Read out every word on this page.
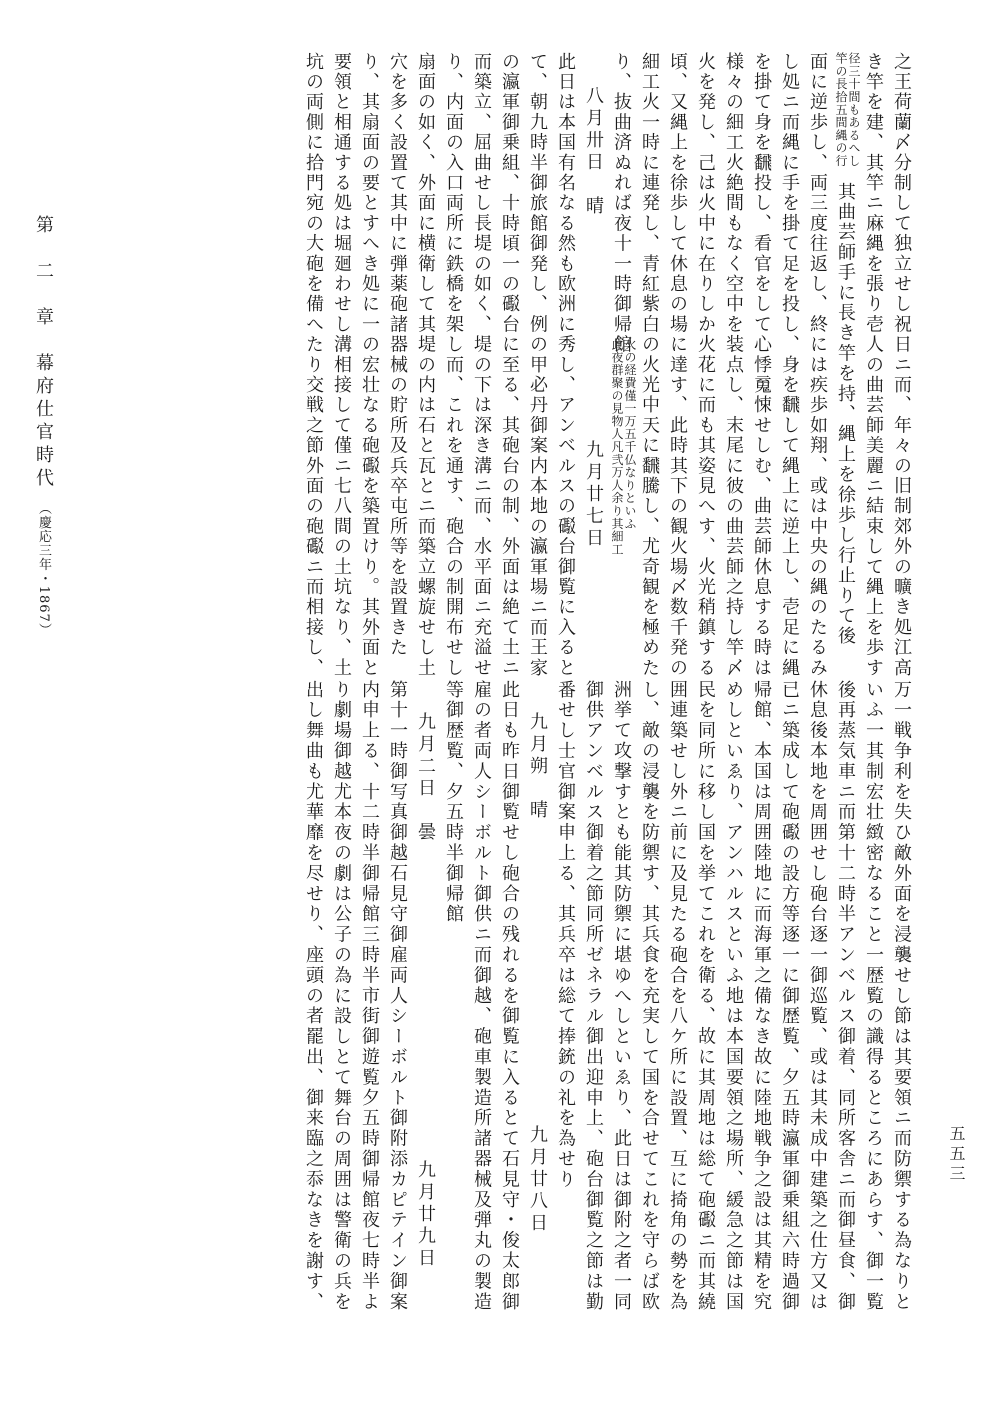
之王荷蘭〆分制して独立せし祝日ニ而、年々の旧制郊外の曠き処江高
き竿を建、其竿ニ麻縄を張り壱人の曲芸師美麗ニ結束して縄上を歩す
竿の長拾五間縄の行 径三十間もあるへし
其曲芸師手に長き竿を持、縄上を徐歩し行止りて後
面に逆歩し、両三度往返し、終には疾歩如翔、或は中央の縄のたるみ
し処ニ而縄に手を掛て足を投し、身を飜して縄上に逆上し、壱足に縄
を掛て身を飜投し、看官をして心悸䰟悚せしむ、曲芸師休息する時は
様々の細工火絶間もなく空中を装点し、末尾に彼の曲芸師之持し竿〆
火を発し、己は火中に在りしか火花に而も其姿見へす、火光稍鎮する
頃、又縄上を徐歩して休息の場に達す、此時其下の観火場〆数千発の
細工火一時に連発し、青紅紫白の火光中天に飜騰し、尤奇観を極めた
り、抜曲済ぬれば夜十一時御帰館
此夜群聚の見物人凡弐万人余り其細工 火の経費僅一万五千仏なりといふ
八月卅日　晴
九月廿七日
此日は本国有名なる然も欧洲に秀し、アンベルスの礟台御覧に入ると
て、朝九時半御旅館御発し、例の甲必丹御案内本地の瀛軍場ニ而王家
の瀛軍御乗組、十時頃一の礟台に至る、其砲台の制、外面は絶て土ニ
而築立、屈曲せし長堤の如く、堤の下は深き溝ニ而、水平面ニ充溢せ
り、内面の入口両所に鉄橋を架し而、これを通す、砲合の制開布せし
扇面の如く、外面に横衛して其堤の内は石と瓦とニ而築立螺旋せし土
穴を多く設置て其中に弾薬砲諸器械の貯所及兵卒屯所等を設置きた
り、其扇面の要とすへき処に一の宏壮なる砲礟を築置けり。其外面と
要領と相通する処は堀廻わせし溝相接して僅ニ七八間の土坑なり、土
坑の両側に拾門宛の大砲を備へたり交戦之節外面の砲礟ニ而相接し、
万一戦争利を失ひ敵外面を浸襲せし節は其要領ニ而防禦する為なりと
いふ一其制宏壮緻密なること一歴覧の識得るところにあらす、御一覧
後再蒸気車ニ而第十二時半アンベルス御着、同所客舎ニ而御昼食、御
休息後本地を周囲せし砲台逐一御巡覧、或は其未成中建築之仕方又は
已ニ築成して砲礟の設方等逐一に御歴覧、夕五時瀛軍御乗組六時過御
帰館、本国は周囲陸地に而海軍之備なき故に陸地戦争之設は其精を究
めしといゑり、アンハルスといふ地は本国要領之場所、緩急之節は国
民を同所に移し国を挙てこれを衛る、故に其周地は総て砲礟ニ而其繞
囲連築せし外ニ前に及見たる砲合を八ケ所に設置、互に掎角の勢を為
し、敵の浸襲を防禦す、其兵食を充実して国を合せてこれを守らば欧
洲挙て攻撃すとも能其防禦に堪ゆへしといゑり、此日は御附之者一同
御供アンベルス御着之節同所ゼネラル御出迎申上、砲台御覧之節は勤
番せし士官御案申上る、其兵卒は総て捧銃の礼を為せり
九月朔　晴
九月廿八日
此日も昨日御覧せし砲合の残れるを御覧に入るとて石見守・俊太郎御
雇の者両人シーボルト御供ニ而御越、砲車製造所諸器械及弾丸の製造
等御歴覧、夕五時半御帰館
九月二日　曇
九月廿九日
第十一時御写真御越石見守御雇両人シーボルト御附添カピテイン御案
内申上る、十二時半御帰館三時半市街御遊覧夕五時御帰館夜七時半よ
り劇場御越尤本夜の劇は公子の為に設しとて舞台の周囲は警衛の兵を
出し舞曲も尤華靡を尽せり、座頭の者罷出、御来臨之忝なきを謝す、
第　二　章　幕府仕官時代 （慶応三年・1867）
五五三
